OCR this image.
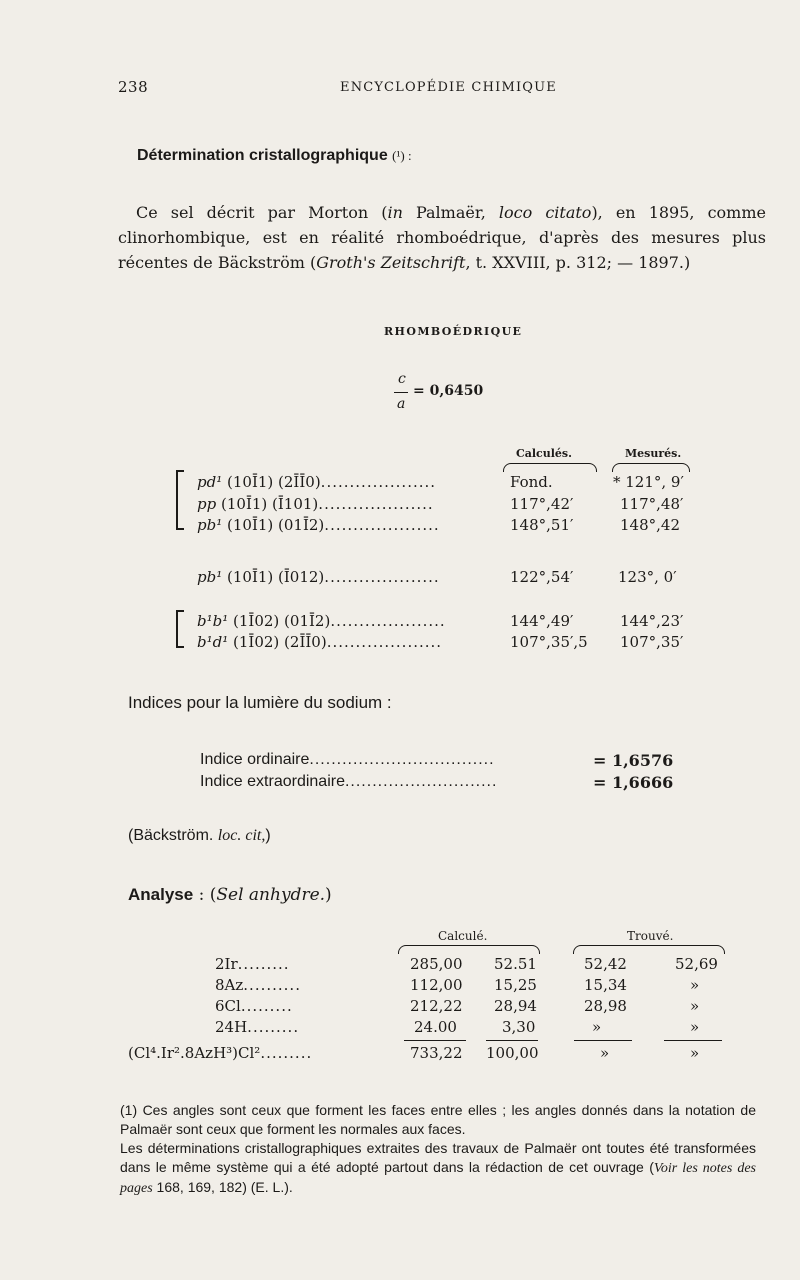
238	ENCYCLOPÉDIE CHIMIQUE
Détermination cristallographique (¹) :
Ce sel décrit par Morton (in Palmaër, loco citato), en 1895, comme clinorhombique, est en réalité rhomboédrique, d'après des mesures plus récentes de Bäckström (Groth's Zeitschrift, t. XXVIII, p. 312; — 1897.)
RHOMBOÉDRIQUE
c
a
= 0,6450
Calculés.	Mesurés.
pd¹ (10Ī1) (2ĪĪ0)....................	Fond.	* 121°, 9′
pp (10Ī1) (Ī101)....................	117°,42′	117°,48′
pb¹ (10Ī1) (01Ī2)....................	148°,51′	148°,42
pb¹ (10Ī1) (Ī012)....................	122°,54′	123°, 0′
b¹b¹ (1Ī02) (01Ī2)....................	144°,49′	144°,23′
b¹d¹ (1Ī02) (2ĪĪ0)....................	107°,35′,5 107°,35′
Indices pour la lumière du sodium :
Indice ordinaire..................................	= 1,6576
Indice extraordinaire............................	= 1,6666
(Bäckström. loc. cit,)
Analyse : (Sel anhydre.)
Calculé.	Trouvé.
2Ir.........	285,00 52.51	52,42	52,69
8Az..........	112,00 15,25	15,34	»
6Cl.........	212,22 28,94	28,98	»
24H.........	24.00	3,30	»	»
(Cl⁴.Ir².8AzH³)Cl².........	733,22 100,00	»	»
(1) Ces angles sont ceux que forment les faces entre elles ; les angles donnés dans la notation de Palmaër sont ceux que forment les normales aux faces.
Les déterminations cristallographiques extraites des travaux de Palmaër ont toutes été transformées dans le même système qui a été adopté partout dans la rédaction de cet ouvrage (Voir les notes des pages 168, 169, 182) (E. L.).
